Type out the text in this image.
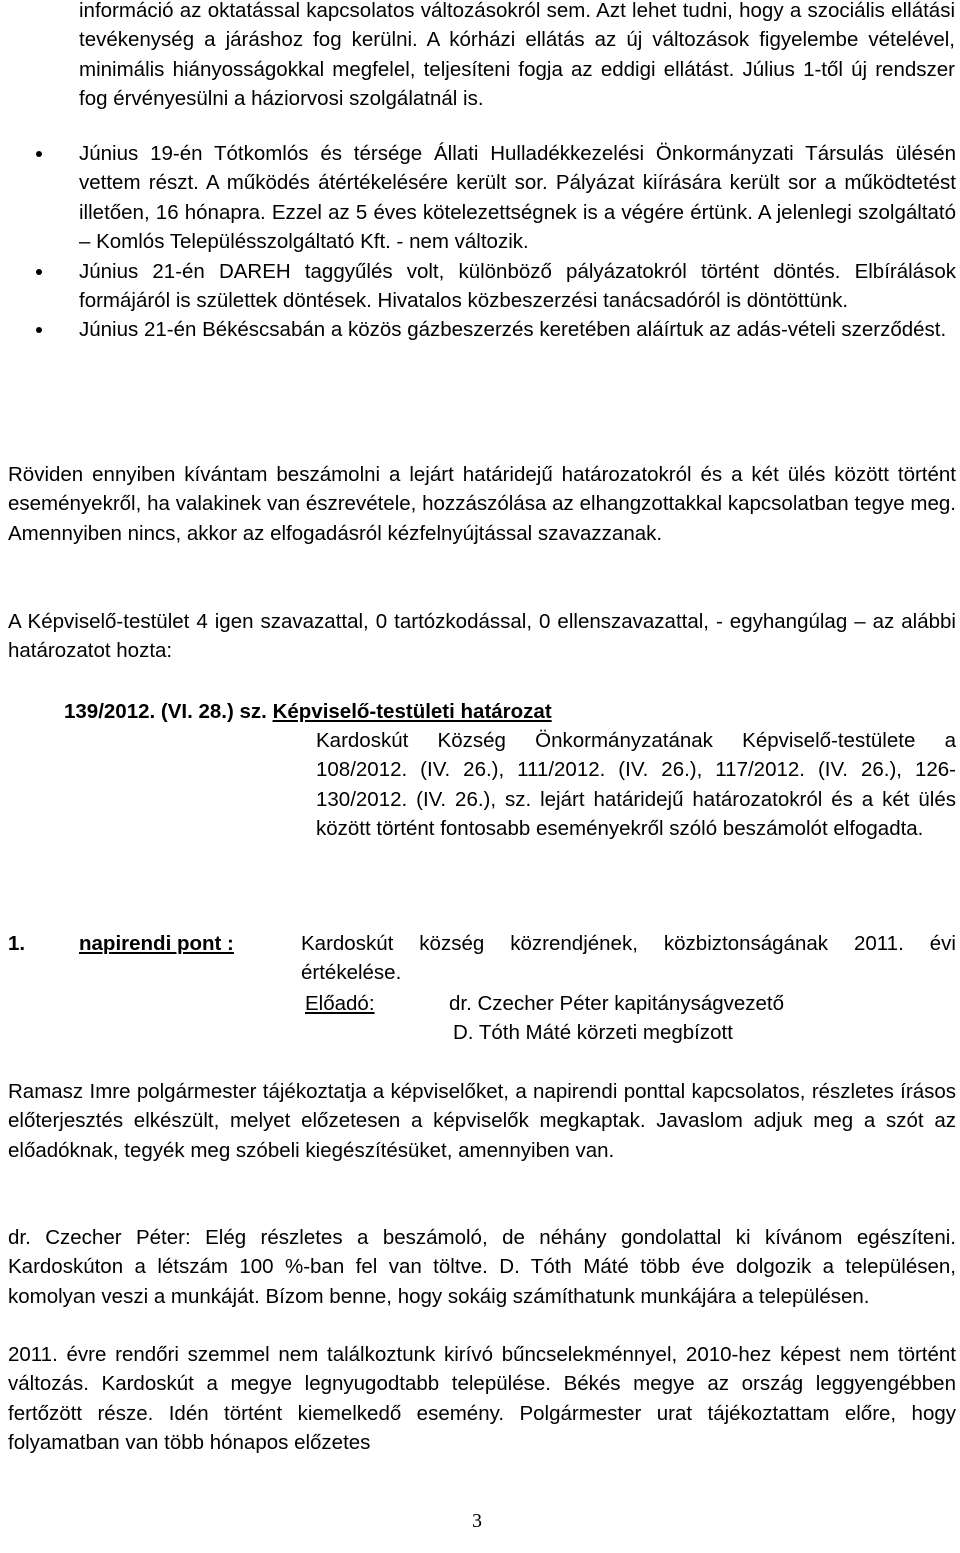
információ az oktatással kapcsolatos változásokról sem. Azt lehet tudni, hogy a szociális ellátási tevékenység a járáshoz fog kerülni. A kórházi ellátás az új változások figyelembe vételével, minimális hiányosságokkal megfelel, teljesíteni fogja az eddigi ellátást. Július 1-től új rendszer fog érvényesülni a háziorvosi szolgálatnál is.

Június 19-én Tótkomlós és térsége Állati Hulladékkezelési Önkormányzati Társulás ülésén vettem részt. A működés átértékelésére került sor. Pályázat kiírására került sor a működtetést illetően, 16 hónapra. Ezzel az 5 éves kötelezettségnek is a végére értünk. A jelenlegi szolgáltató – Komlós Településszolgáltató Kft. - nem változik.
Június 21-én DAREH taggyűlés volt, különböző pályázatokról történt döntés. Elbírálások formájáról is születtek döntések. Hivatalos közbeszerzési tanácsadóról is döntöttünk.
Június 21-én Békéscsabán a közös gázbeszerzés keretében aláírtuk az adás-vételi szerződést.

Röviden ennyiben kívántam beszámolni a lejárt határidejű határozatokról és a két ülés között történt eseményekről, ha valakinek van észrevétele, hozzászólása az elhangzottakkal kapcsolatban tegye meg. Amennyiben nincs, akkor az elfogadásról kézfelnyújtással szavazzanak.

A Képviselő-testület 4 igen szavazattal, 0 tartózkodással, 0 ellenszavazattal, - egyhangúlag – az alábbi határozatot hozta:

139/2012. (VI. 28.) sz. Képviselő-testületi határozat

Kardoskút Község Önkormányzatának Képviselő-testülete a 108/2012. (IV. 26.), 111/2012. (IV. 26.), 117/2012. (IV. 26.), 126-130/2012. (IV. 26.), sz. lejárt határidejű határozatokról és a két ülés között történt fontosabb eseményekről szóló beszámolót elfogadta.

1.	napirendi pont :	Kardoskút község közrendjének, közbiztonságának 2011. évi értékelése.

Előadó:	dr. Czecher Péter kapitányságvezető
D. Tóth Máté körzeti megbízott

Ramasz Imre polgármester tájékoztatja a képviselőket, a napirendi ponttal kapcsolatos, részletes írásos előterjesztés elkészült, melyet előzetesen a képviselők megkaptak. Javaslom adjuk meg a szót az előadóknak, tegyék meg szóbeli kiegészítésüket, amennyiben van.

dr. Czecher Péter: Elég részletes a beszámoló, de néhány gondolattal ki kívánom egészíteni. Kardoskúton a létszám 100 %-ban fel van töltve. D. Tóth Máté több éve dolgozik a településen, komolyan veszi a munkáját. Bízom benne, hogy sokáig számíthatunk munkájára a településen.

2011. évre rendőri szemmel nem találkoztunk kirívó bűncselekménnyel, 2010-hez képest nem történt változás. Kardoskút a megye legnyugodtabb települése. Békés megye az ország leggyengébben fertőzött része. Idén történt kiemelkedő esemény. Polgármester urat tájékoztattam előre, hogy folyamatban van több hónapos előzetes

3
